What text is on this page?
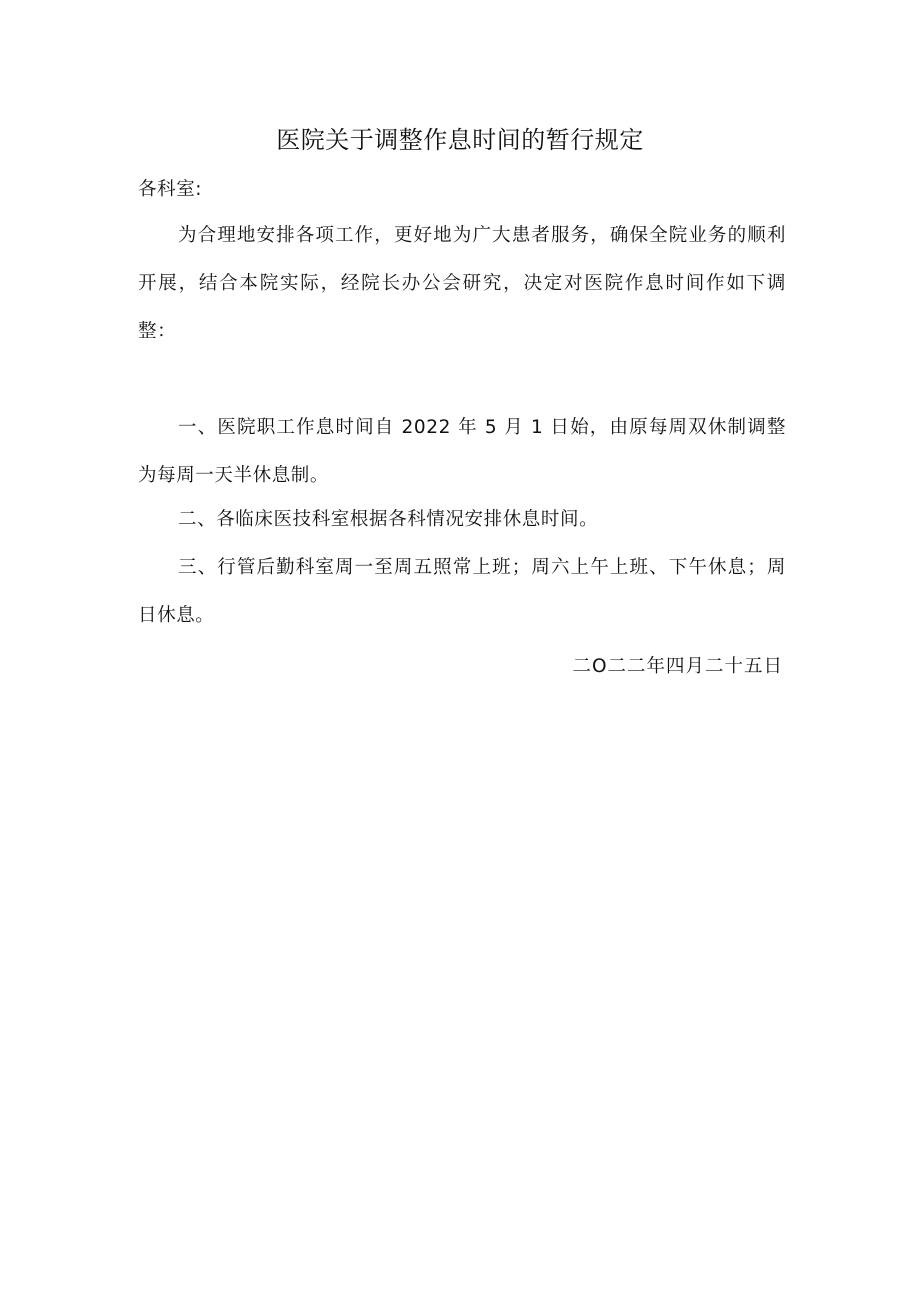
医院关于调整作息时间的暂行规定

各科室:

为合理地安排各项工作，更好地为广大患者服务，确保全院业务的顺利开展，结合本院实际，经院长办公会研究，决定对医院作息时间作如下调整：

一、医院职工作息时间自 2022 年 5 月 1 日始，由原每周双休制调整为每周一天半休息制。

二、各临床医技科室根据各科情况安排休息时间。

三、行管后勤科室周一至周五照常上班；周六上午上班、下午休息；周日休息。

二O二二年四月二十五日
